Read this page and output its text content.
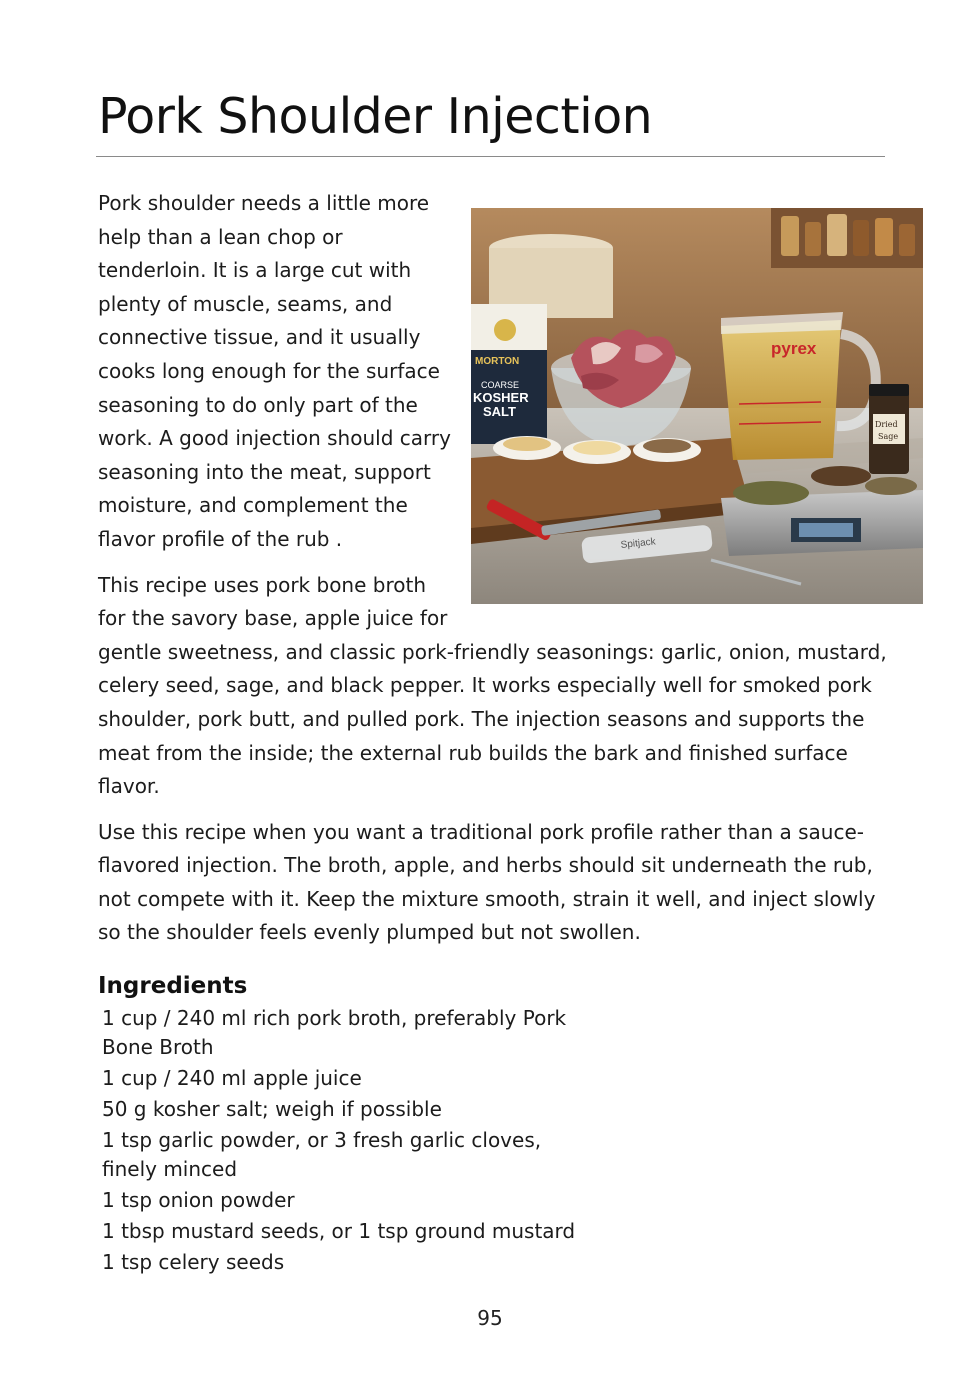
Pork Shoulder Injection
MORTON
COARSE
KOSHER
SALT
pyrex
Dried
Sage
Spitjack

Pork shoulder needs a little more help than a lean chop or tenderloin. It is a large cut with plenty of muscle, seams, and connective tissue, and it usually cooks long enough for the surface seasoning to do only part of the work. A good injection should carry seasoning into the meat, support moisture, and complement the flavor profile of the rub .

This recipe uses pork bone broth for the savory base, apple juice for gentle sweetness, and classic pork-friendly seasonings: garlic, onion, mustard, celery seed, sage, and black pepper. It works especially well for smoked pork shoulder, pork butt, and pulled pork. The injection seasons and supports the meat from the inside; the external rub builds the bark and finished surface flavor.

Use this recipe when you want a traditional pork profile rather than a sauce-flavored injection. The broth, apple, and herbs should sit underneath the rub, not compete with it. Keep the mixture smooth, strain it well, and inject slowly so the shoulder feels evenly plumped but not swollen.

Ingredients
1 cup / 240 ml rich pork broth, preferably Pork Bone Broth
1 cup / 240 ml apple juice
50 g kosher salt; weigh if possible
1 tsp garlic powder, or 3 fresh garlic cloves, finely minced
1 tsp onion powder
1 tbsp mustard seeds, or 1 tsp ground mustard
1 tsp celery seeds
95
